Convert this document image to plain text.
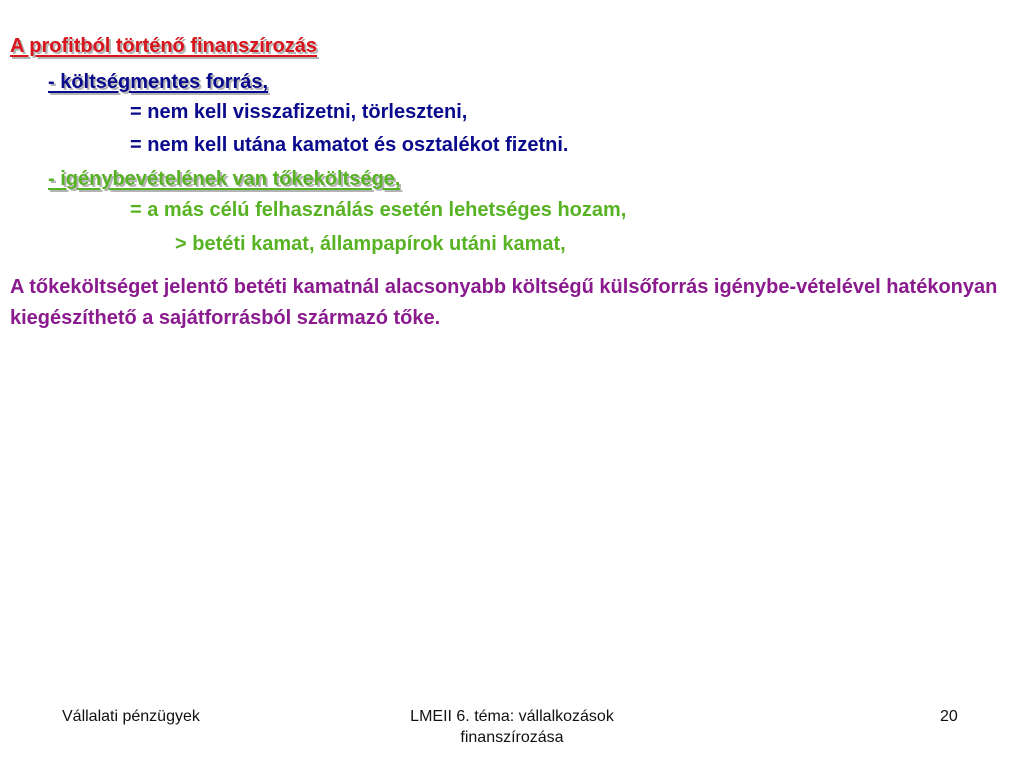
A profitból történő finanszírozás
- költségmentes forrás,
= nem kell visszafizetni, törleszteni,
= nem kell utána kamatot és osztalékot fizetni.
- igénybevételének van tőkeköltsége,
= a más célú felhasználás esetén lehetséges hozam,
> betéti kamat, állampapírok utáni kamat,
A tőkeköltséget jelentő betéti kamatnál alacsonyabb költségű külsőforrás igénybe-vételével hatékonyan kiegészíthető a sajátforrásból származó tőke.
Vállalati pénzügyek	LMEII 6. téma: vállalkozások finanszírozása
20
